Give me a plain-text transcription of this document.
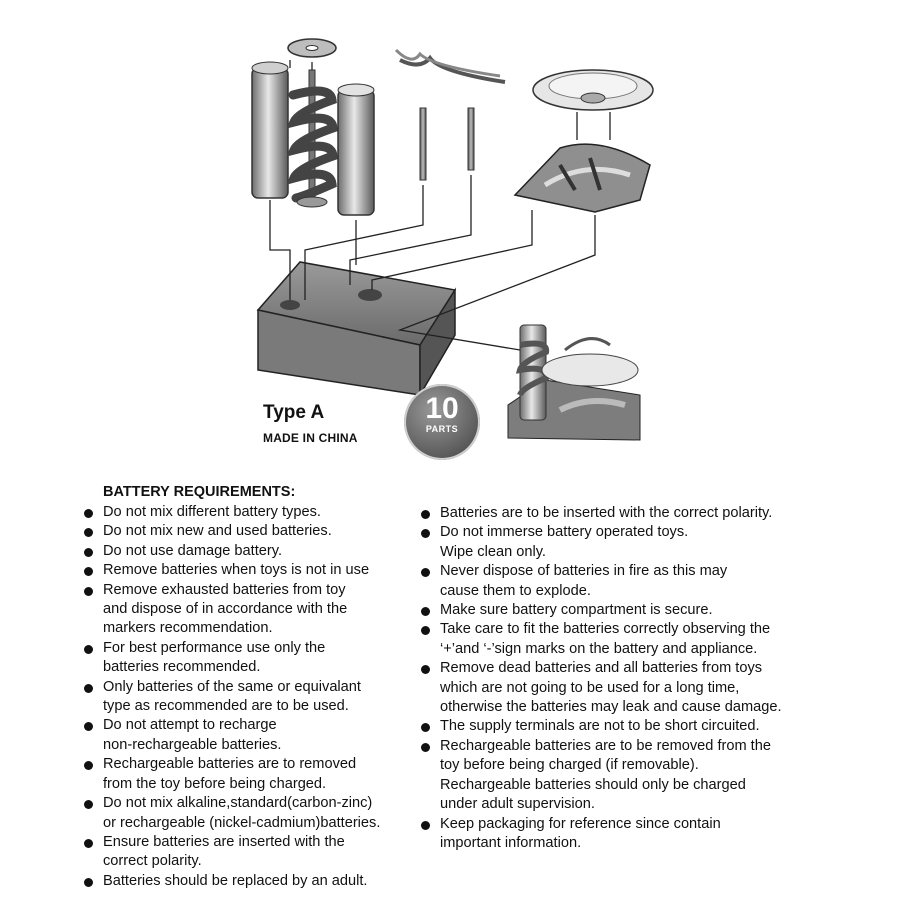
Type A
MADE IN CHINA
10
PARTS
BATTERY REQUIREMENTS:
Do not mix different battery types.
Do not mix new and used batteries.
Do not use damage battery.
Remove batteries when toys is not in use
Remove exhausted batteries from toy
and dispose of in accordance with the
markers recommendation.
For best performance use only the
batteries recommended.
Only batteries of the same or equivalant
type as recommended are to be used.
Do not attempt to recharge
non-rechargeable batteries.
Rechargeable batteries are to removed
from the toy before being charged.
Do not mix alkaline,standard(carbon-zinc)
or rechargeable (nickel-cadmium)batteries.
Ensure batteries are inserted with the
correct polarity.
Batteries should be replaced by an adult.
Batteries are to be inserted with the correct polarity.
Do not immerse battery operated toys.
Wipe clean only.
Never dispose of batteries in fire as this may
cause them to explode.
Make sure battery compartment is secure.
Take care to fit the batteries correctly observing the
‘+’and ‘-’sign marks on the battery and appliance.
Remove dead batteries and all batteries from toys
which are not going to be used for a long time,
otherwise the batteries may leak and cause damage.
The supply terminals are not to be short circuited.
Rechargeable batteries are to be removed from the
toy before being charged (if removable).
Rechargeable batteries should only be charged
under adult supervision.
Keep packaging for reference since contain
important information.
